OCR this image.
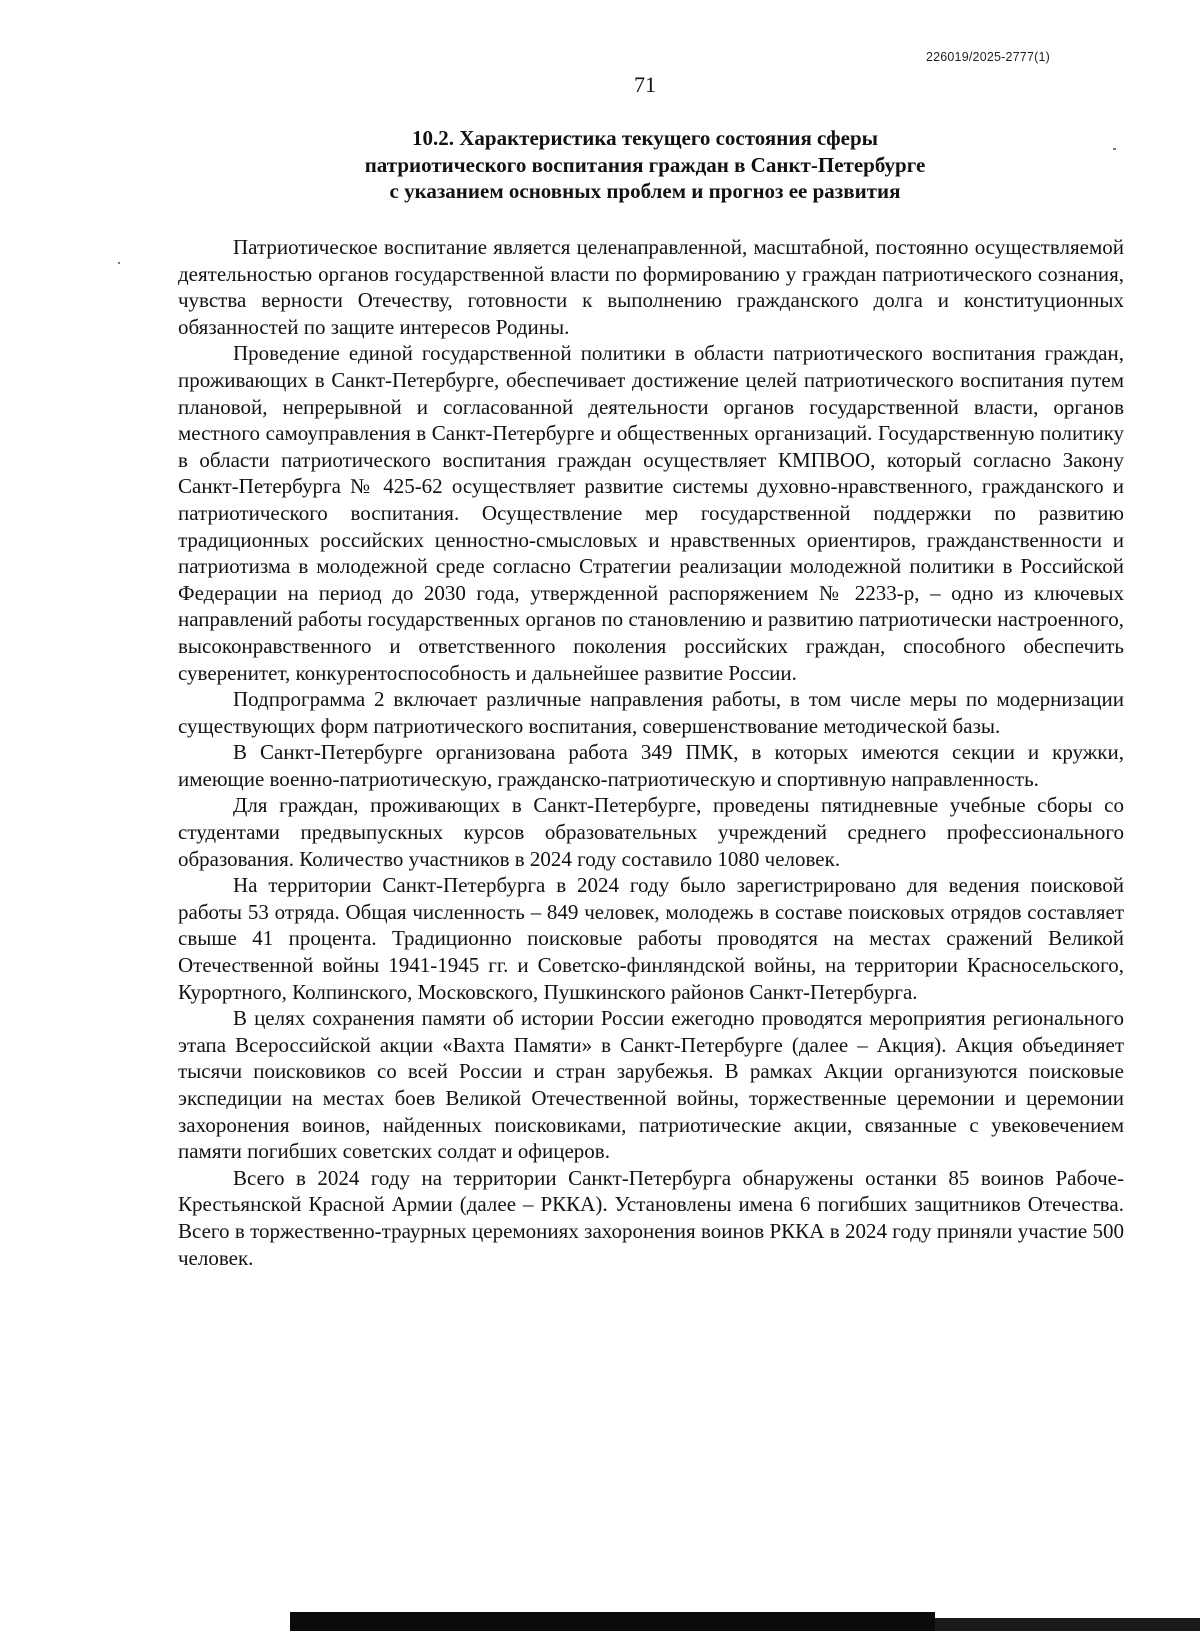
226019/2025-2777(1)
71
10.2. Характеристика текущего состояния сферы
патриотического воспитания граждан в Санкт-Петербурге
с указанием основных проблем и прогноз ее развития

Патриотическое воспитание является целенаправленной, масштабной, постоянно осуществляемой деятельностью органов государственной власти по формированию у граждан патриотического сознания, чувства верности Отечеству, готовности к выполнению гражданского долга и конституционных обязанностей по защите интересов Родины.

Проведение единой государственной политики в области патриотического воспитания граждан, проживающих в Санкт-Петербурге, обеспечивает достижение целей патриотического воспитания путем плановой, непрерывной и согласованной деятельности органов государственной власти, органов местного самоуправления в Санкт-Петербурге и общественных организаций. Государственную политику в области патриотического воспитания граждан осуществляет КМПВОО, который согласно Закону Санкт-Петербурга № 425-62 осуществляет развитие системы духовно-нравственного, гражданского и патриотического воспитания. Осуществление мер государственной поддержки по развитию традиционных российских ценностно-смысловых и нравственных ориентиров, гражданственности и патриотизма в молодежной среде согласно Стратегии реализации молодежной политики в Российской Федерации на период до 2030 года, утвержденной распоряжением № 2233-р, – одно из ключевых направлений работы государственных органов по становлению и развитию патриотически настроенного, высоконравственного и ответственного поколения российских граждан, способного обеспечить суверенитет, конкурентоспособность и дальнейшее развитие России.

Подпрограмма 2 включает различные направления работы, в том числе меры по модернизации существующих форм патриотического воспитания, совершенствование методической базы.

В Санкт-Петербурге организована работа 349 ПМК, в которых имеются секции и кружки, имеющие военно-патриотическую, гражданско-патриотическую и спортивную направленность.

Для граждан, проживающих в Санкт-Петербурге, проведены пятидневные учебные сборы со студентами предвыпускных курсов образовательных учреждений среднего профессионального образования. Количество участников в 2024 году составило 1080 человек.

На территории Санкт-Петербурга в 2024 году было зарегистрировано для ведения поисковой работы 53 отряда. Общая численность – 849 человек, молодежь в составе поисковых отрядов составляет свыше 41 процента. Традиционно поисковые работы проводятся на местах сражений Великой Отечественной войны 1941-1945 гг. и Советско-финляндской войны, на территории Красносельского, Курортного, Колпинского, Московского, Пушкинского районов Санкт-Петербурга.

В целях сохранения памяти об истории России ежегодно проводятся мероприятия регионального этапа Всероссийской акции «Вахта Памяти» в Санкт-Петербурге (далее – Акция). Акция объединяет тысячи поисковиков со всей России и стран зарубежья. В рамках Акции организуются поисковые экспедиции на местах боев Великой Отечественной войны, торжественные церемонии и церемонии захоронения воинов, найденных поисковиками, патриотические акции, связанные с увековечением памяти погибших советских солдат и офицеров.

Всего в 2024 году на территории Санкт-Петербурга обнаружены останки 85 воинов Рабоче-Крестьянской Красной Армии (далее – РККА). Установлены имена 6 погибших защитников Отечества. Всего в торжественно-траурных церемониях захоронения воинов РККА в 2024 году приняли участие 500 человек.
